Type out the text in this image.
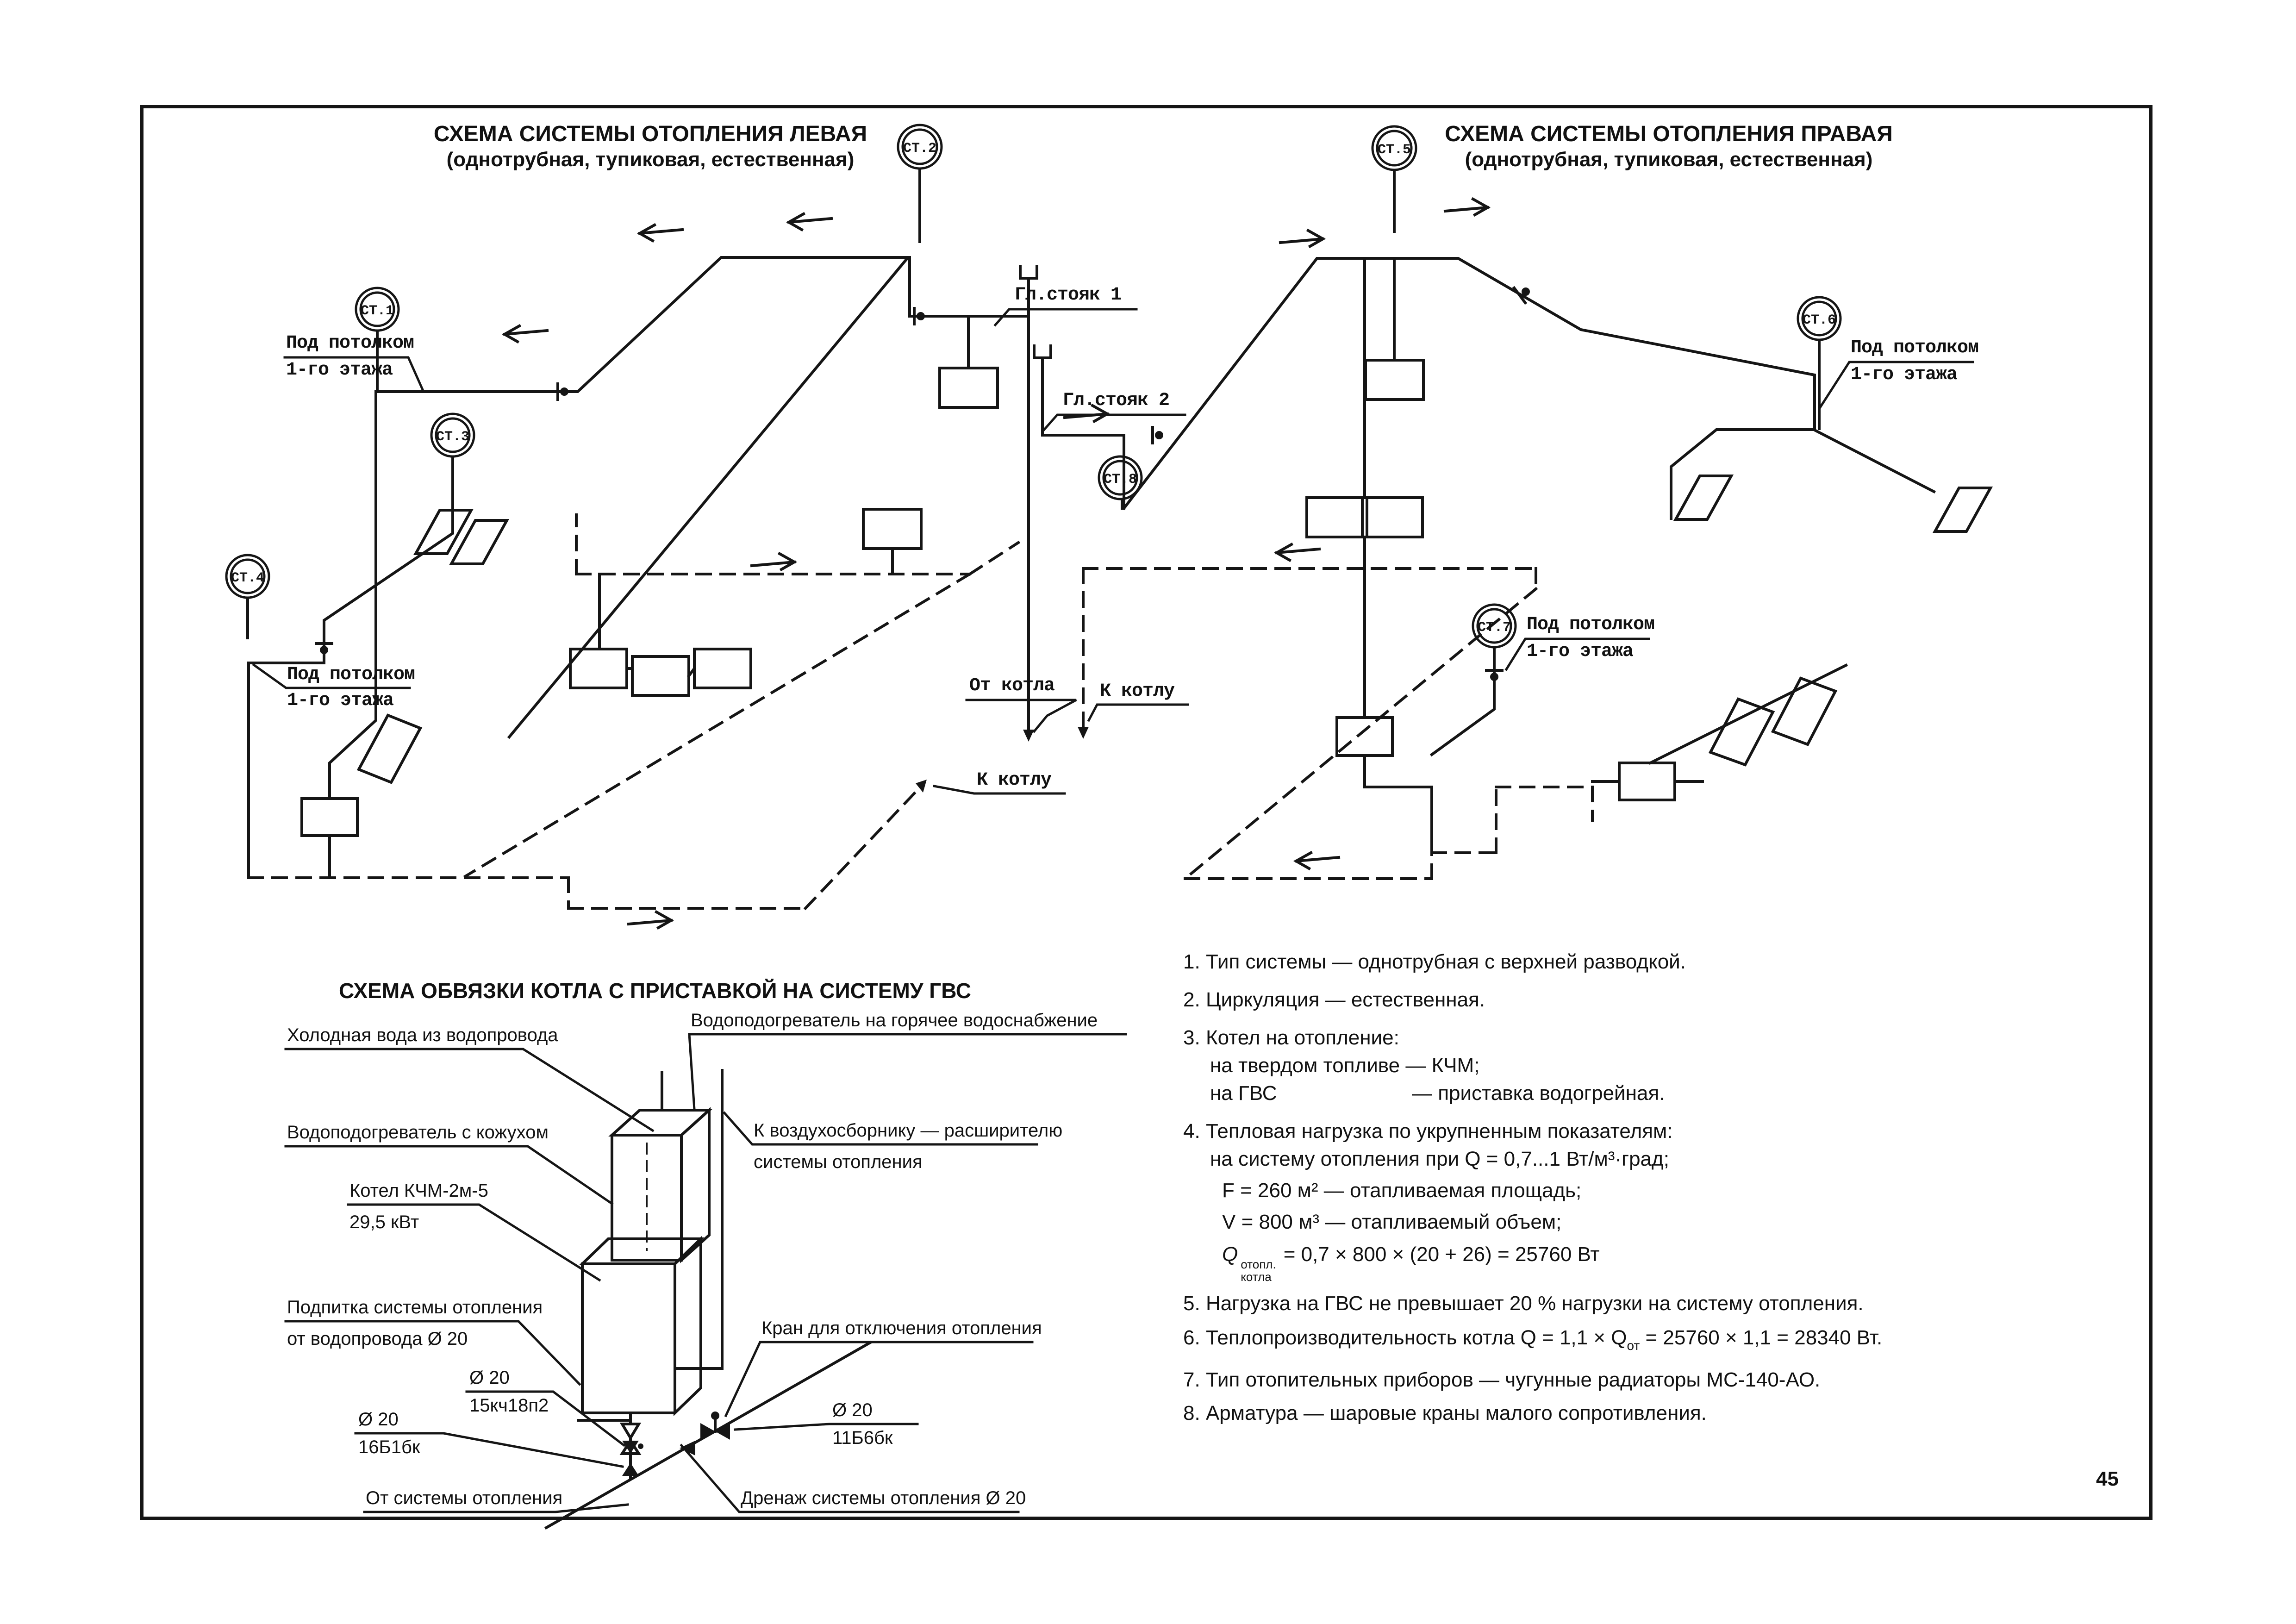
СТ.1
СТ.2
СТ.3
СТ.4
СТ.5
СТ.6
СТ.7
СТ.8
СХЕМА СИСТЕМЫ ОТОПЛЕНИЯ ЛЕВАЯ
(однотрубная, тупиковая, естественная)
СХЕМА СИСТЕМЫ ОТОПЛЕНИЯ ПРАВАЯ
(однотрубная, тупиковая, естественная)
Под потолком
1-го этажа
Под потолком
1-го этажа
Под потолком
1-го этажа
Под потолком
1-го этажа
Гл.стояк 1
Гл.стояк 2
От котла
К котлу
К котлу
СХЕМА ОБВЯЗКИ КОТЛА С ПРИСТАВКОЙ НА СИСТЕМУ ГВС
Холодная вода из водопровода
Водоподогреватель на горячее водоснабжение
Водоподогреватель с кожухом	К воздухосборнику — расширителю
системы отопления
Котел КЧМ-2м-5
29,5 кВт
Подпитка системы отопления
от водопровода Ø 20
Кран для отключения отопления
Ø 20
15кч18п2
Ø 20
16Б1бк
Ø 20
11Б6бк
От системы отопления	Дренаж системы отопления Ø 20
1. Тип системы — однотрубная с верхней разводкой.
2. Циркуляция — естественная.
3. Котел на отопление:
на твердом топливе — КЧМ;
на ГВС	— приставка водогрейная.
4. Тепловая нагрузка по укрупненным показателям:
на систему отопления при Q = 0,7...1 Вт/м³·град;
F = 260 м² — отапливаемая площадь;
V = 800 м³ — отапливаемый объем;
Q отопл.
котла
= 0,7 × 800 × (20 + 26) = 25760 Вт
5. Нагрузка на ГВС не превышает 20 % нагрузки на систему отопления.
6. Теплопроизводительность котла $Q = 1,1 \times Q_{от} = 25760 \times 1,1 = 28340$ Вт.
7. Тип отопительных приборов — чугунные радиаторы МС-140-АО.
8. Арматура — шаровые краны малого сопротивления.
45
